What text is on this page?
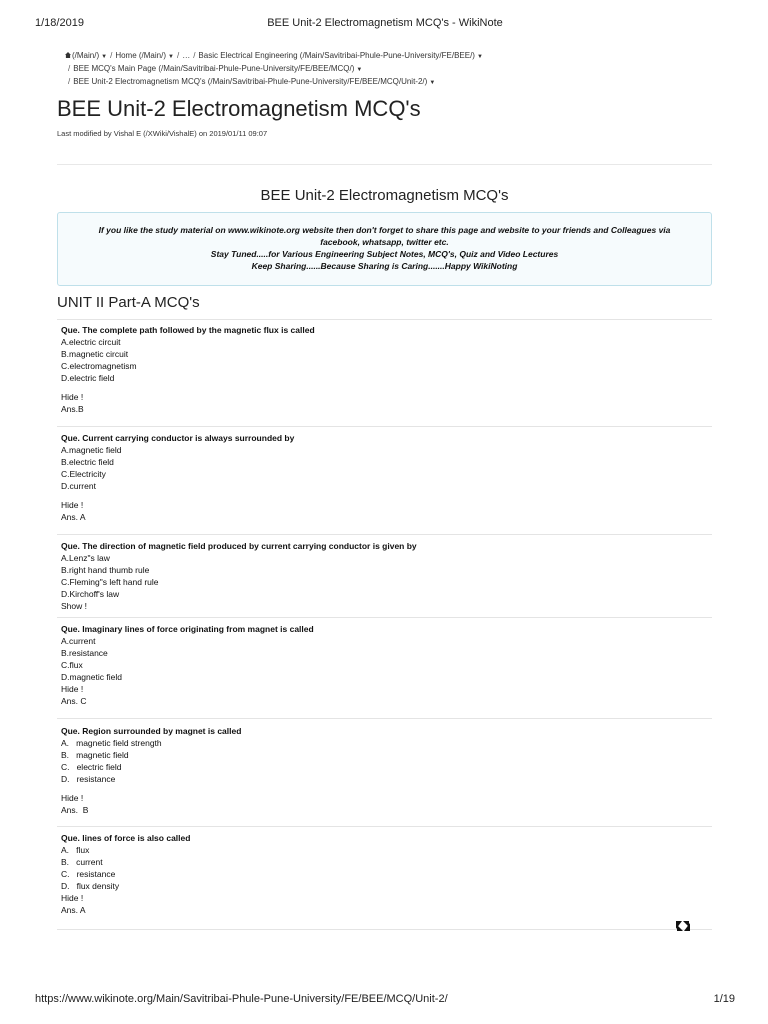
1/18/2019	BEE Unit-2 Electromagnetism MCQ's - WikiNote
(/Main/) ▼ / Home (/Main/) ▼ / … / Basic Electrical Engineering (/Main/Savitribai-Phule-Pune-University/FE/BEE/) ▼
/ BEE MCQ's Main Page (/Main/Savitribai-Phule-Pune-University/FE/BEE/MCQ/) ▼
/ BEE Unit-2 Electromagnetism MCQ's (/Main/Savitribai-Phule-Pune-University/FE/BEE/MCQ/Unit-2/) ▼
BEE Unit-2 Electromagnetism MCQ's
Last modified by Vishal E (/XWiki/VishalE) on 2019/01/11 09:07
BEE Unit-2 Electromagnetism MCQ's
If you like the study material on www.wikinote.org website then don't forget to share this page and website to your friends and Colleagues via
facebook, whatsapp, twitter etc.
Stay Tuned.....for Various Engineering Subject Notes, MCQ's, Quiz and Video Lectures
Keep Sharing......Because Sharing is Caring.......Happy WikiNoting
UNIT II Part-A MCQ's
Que. The complete path followed by the magnetic flux is called
A.electric circuit
B.magnetic circuit
C.electromagnetism
D.electric field
Hide !
Ans.B
Que. Current carrying conductor is always surrounded by
A.magnetic field
B.electric field
C.Electricity
D.current
Hide !
Ans. A
Que. The direction of magnetic field produced by current carrying conductor is given by
A.Lenz"s law
B.right hand thumb rule
C.Fleming"s left hand rule
D.Kirchoff's law
Show !
Que. Imaginary lines of force originating from magnet is called
A.current
B.resistance
C.flux
D.magnetic field
Hide !
Ans. C
Que. Region surrounded by magnet is called
A.   magnetic field strength
B.   magnetic field
C.   electric field
D.   resistance
Hide !
Ans.  B
Que. lines of force is also called
A.   flux
B.   current
C.   resistance
D.   flux density
Hide !
Ans. A
https://www.wikinote.org/Main/Savitribai-Phule-Pune-University/FE/BEE/MCQ/Unit-2/	1/19
